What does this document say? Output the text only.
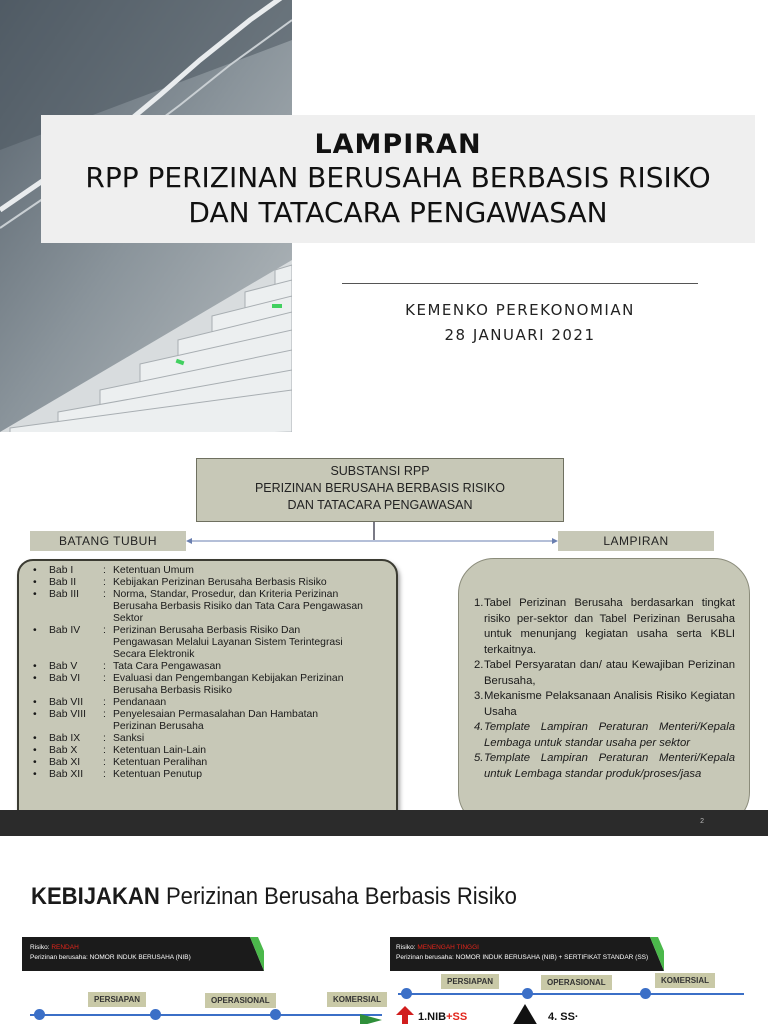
LAMPIRAN
RPP PERIZINAN BERUSAHA BERBASIS RISIKO
DAN TATACARA PENGAWASAN
KEMENKO PEREKONOMIAN
28 JANUARI 2021
SUBSTANSI RPP
PERIZINAN BERUSAHA BERBASIS RISIKO
DAN TATACARA PENGAWASAN
BATANG TUBUH	LAMPIRAN
•	Bab I	: Ketentuan Umum
•	Bab II	: Kebijakan Perizinan Berusaha Berbasis Risiko
•	Bab III	: Norma, Standar, Prosedur, dan Kriteria Perizinan
Berusaha Berbasis Risiko dan Tata Cara Pengawasan
Sektor
•	Bab IV	: Perizinan Berusaha Berbasis Risiko Dan
Pengawasan Melalui Layanan Sistem Terintegrasi
Secara Elektronik
•	Bab V	: Tata Cara Pengawasan
•	Bab VI	: Evaluasi dan Pengembangan Kebijakan Perizinan
Berusaha Berbasis Risiko
•	Bab VII	: Pendanaan
•	Bab VIII	: Penyelesaian Permasalahan Dan Hambatan
Perizinan Berusaha
•	Bab IX	: Sanksi
•	Bab X	: Ketentuan Lain-Lain
•	Bab XI	: Ketentuan Peralihan
•	Bab XII	: Ketentuan Penutup
1. Tabel Perizinan Berusaha berdasarkan tingkat risiko per-sektor dan Tabel Perizinan Berusaha untuk menunjang kegiatan usaha serta KBLI terkaitnya.
2. Tabel Persyaratan dan/ atau Kewajiban Perizinan Berusaha,
3. Mekanisme Pelaksanaan Analisis Risiko Kegiatan Usaha
4. Template Lampiran Peraturan Menteri/Kepala Lembaga untuk standar usaha per sektor
5. Template Lampiran Peraturan Menteri/Kepala untuk Lembaga standar produk/proses/jasa
2
KEBIJAKAN Perizinan Berusaha Berbasis Risiko
Risiko: RENDAH
Perizinan berusaha: NOMOR INDUK BERUSAHA (NIB)
PERSIAPAN	OPERASIONAL	KOMERSIAL
1.NIB+SS
Risiko: MENENGAH TINGGI
Perizinan berusaha: NOMOR INDUK BERUSAHA (NIB) + SERTIFIKAT STANDAR (SS)
PERSIAPAN	OPERASIONAL	KOMERSIAL
4. SS·
